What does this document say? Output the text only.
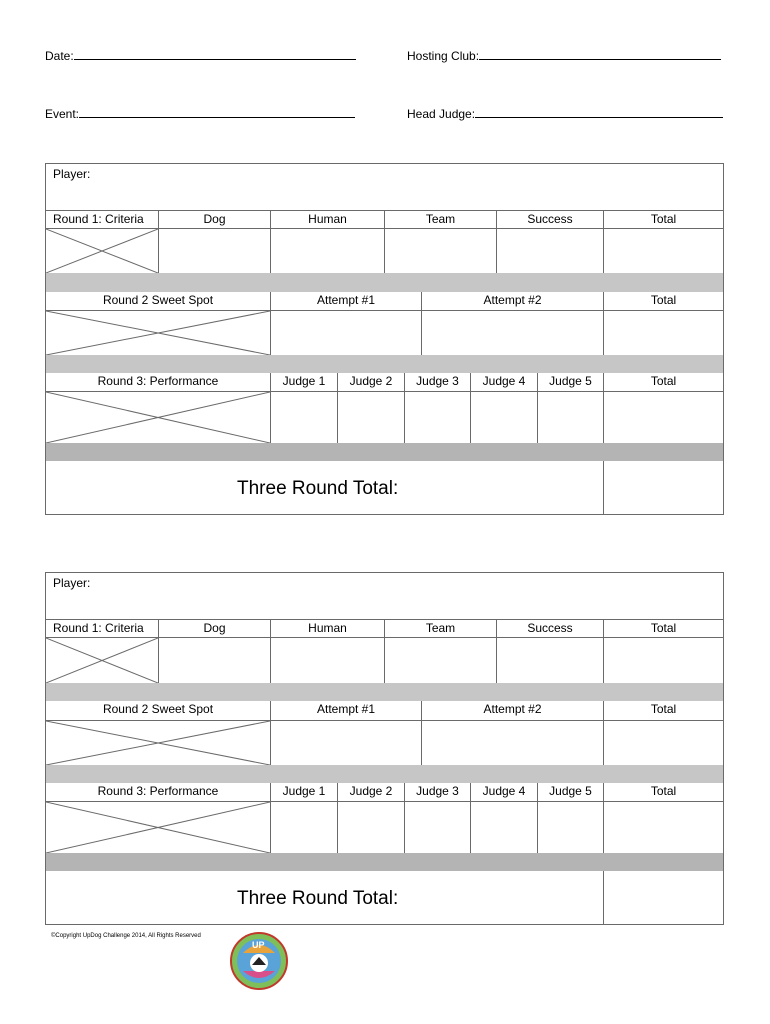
Date:	Hosting Club:
Event:	Head Judge:
Player:
Round 1: Criteria	Dog	Human	Team	Success	Total
Round 2 Sweet Spot	Attempt #1	Attempt #2	Total
Round 3: Performance	Judge 1	Judge 2	Judge 3	Judge 4	Judge 5	Total
Three Round Total:
Player:
Round 1: Criteria	Dog	Human	Team	Success	Total
Round 2 Sweet Spot	Attempt #1	Attempt #2	Total
Round 3: Performance	Judge 1	Judge 2	Judge 3	Judge 4	Judge 5	Total
Three Round Total:
©Copyright UpDog Challenge 2014, All Rights Reserved
UP
